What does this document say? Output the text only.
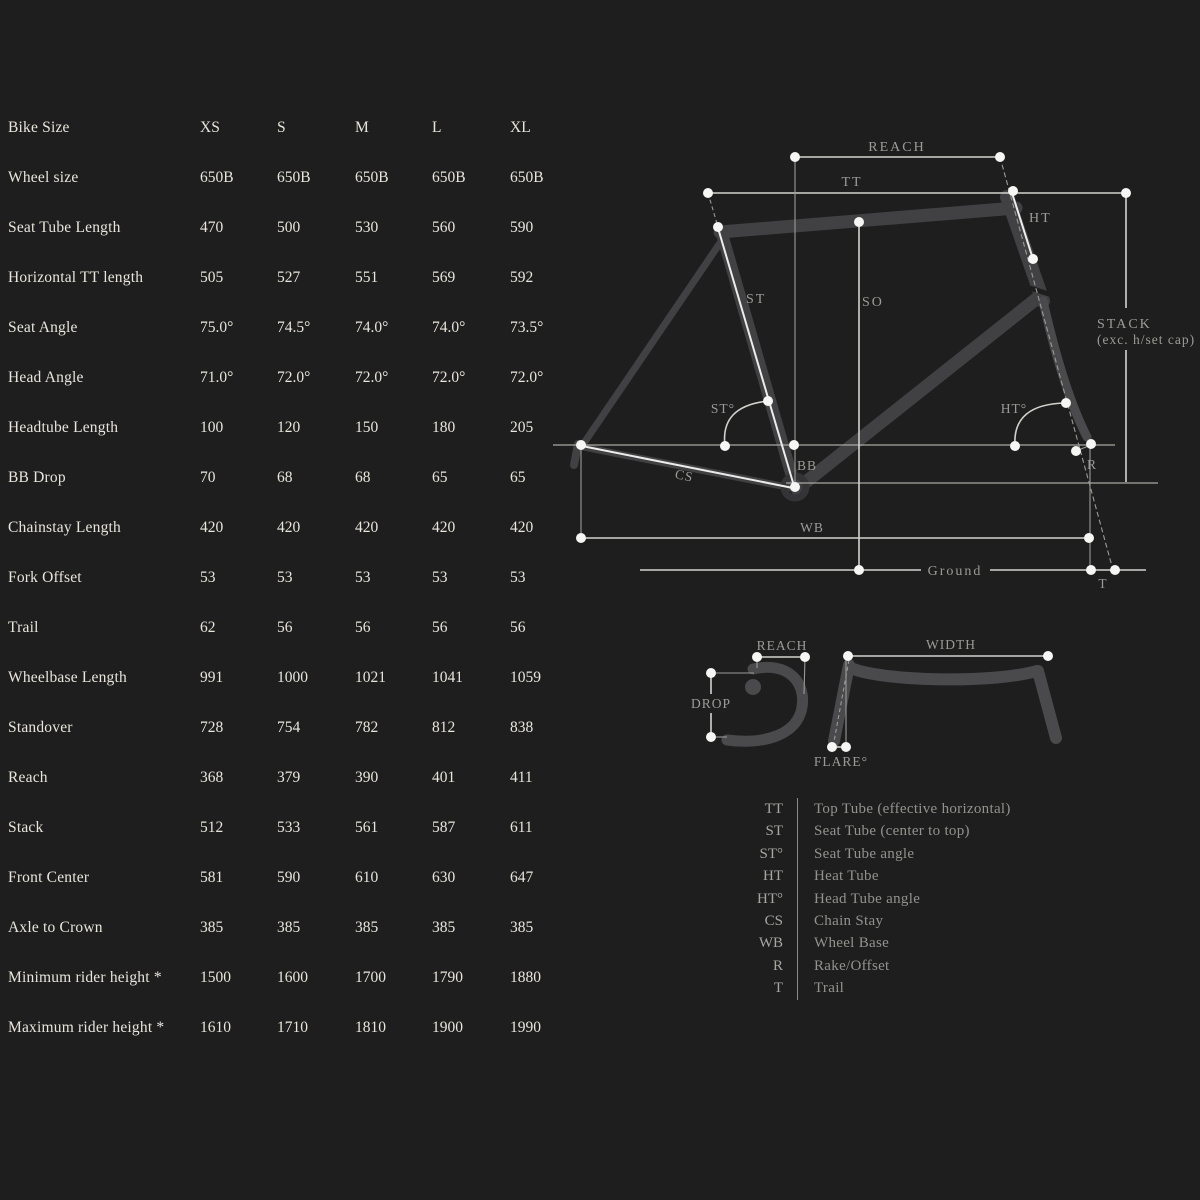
Bike Size	XS	S	M	L	XL
Wheel size	650B	650B	650B	650B	650B
Seat Tube Length	470	500	530	560	590
Horizontal TT length	505	527	551	569	592
Seat Angle	75.0°	74.5°	74.0°	74.0°	73.5°
Head Angle	71.0°	72.0°	72.0°	72.0°	72.0°
Headtube Length	100	120	150	180	205
BB Drop	70	68	68	65	65
Chainstay Length	420	420	420	420	420
Fork Offset	53	53	53	53	53
Trail	62	56	56	56	56
Wheelbase Length	991	1000	1021	1041	1059
Standover	728	754	782	812	838
Reach	368	379	390	401	411
Stack	512	533	561	587	611
Front Center	581	590	610	630	647
Axle to Crown	385	385	385	385	385
Minimum rider height *	1500	1600	1700	1790	1880
Maximum rider height *	1610	1710	1810	1900	1990
REACH
TT
HT
ST	SO
STACK
(exc. h/set cap)
ST°	HT°
BB
CS
WB
Ground
R
T
REACH	WIDTH
DROP
FLARE°
TT	Top Tube (effective horizontal)
ST	Seat Tube (center to top)
ST°	Seat Tube angle
HT	Heat Tube
HT°	Head Tube angle
CS	Chain Stay
WB	Wheel Base
R	Rake/Offset
T	Trail
